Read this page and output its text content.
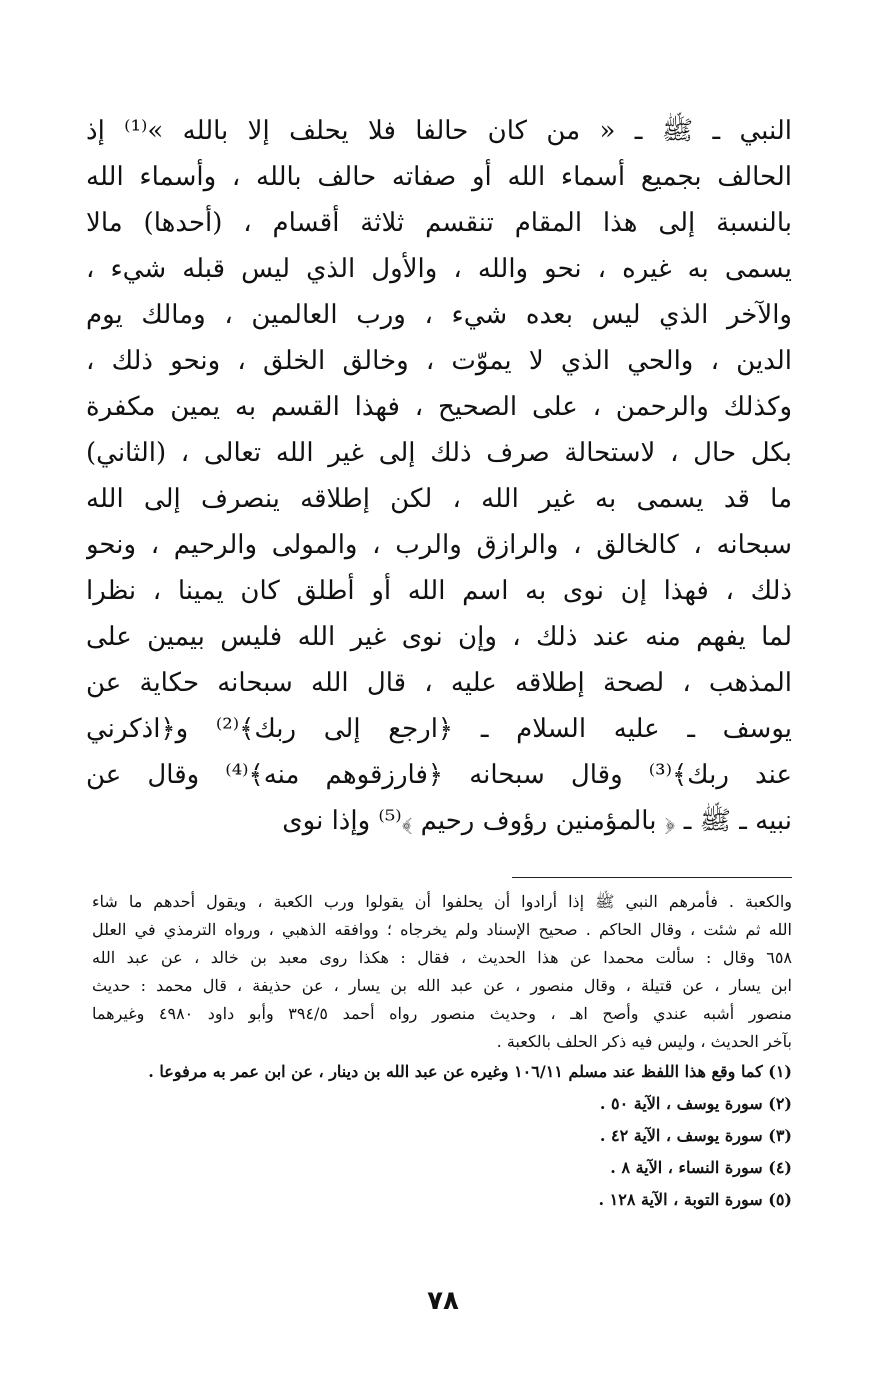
النبي ـ ﷺ ـ « من كان حالفا فلا يحلف إلا بالله »⁽¹⁾ إذ
الحالف بجميع أسماء الله أو صفاته حالف بالله ، وأسماء الله
بالنسبة إلى هذا المقام تنقسم ثلاثة أقسام ، (أحدها) مالا
يسمى به غيره ، نحو والله ، والأول الذي ليس قبله شيء ،
والآخر الذي ليس بعده شيء ، ورب العالمين ، ومالك يوم
الدين ، والحي الذي لا يموّت ، وخالق الخلق ، ونحو ذلك ،
وكذلك والرحمن ، على الصحيح ، فهذا القسم به يمين مكفرة
بكل حال ، لاستحالة صرف ذلك إلى غير الله تعالى ، (الثاني)
ما قد يسمى به غير الله ، لكن إطلاقه ينصرف إلى الله
سبحانه ، كالخالق ، والرازق والرب ، والمولى والرحيم ، ونحو
ذلك ، فهذا إن نوى به اسم الله أو أطلق كان يمينا ، نظرا
لما يفهم منه عند ذلك ، وإن نوى غير الله فليس بيمين على
المذهب ، لصحة إطلاقه عليه ، قال الله سبحانه حكاية عن
يوسف ـ عليه السلام ـ ﴿ارجع إلى ربك﴾⁽²⁾ و﴿اذكرني
عند ربك﴾⁽³⁾ وقال سبحانه ﴿فارزقوهم منه﴾⁽⁴⁾ وقال عن
نبيه ـ ﷺ ـ ﴿ بالمؤمنين رؤوف رحيم ﴾⁽⁵⁾ وإذا نوى
والكعبة . فأمرهم النبي ﷺ إذا أرادوا أن يحلفوا أن يقولوا ورب الكعبة ، ويقول أحدهم ما شاء
الله ثم شئت ، وقال الحاكم . صحيح الإسناد ولم يخرجاه ؛ ووافقه الذهبي ، ورواه الترمذي في العلل
٦٥٨ وقال : سألت محمدا عن هذا الحديث ، فقال : هكذا روى معبد بن خالد ، عن عبد الله
ابن يسار ، عن قتيلة ، وقال منصور ، عن عبد الله بن يسار ، عن حذيفة ، قال محمد : حديث
منصور أشبه عندي وأصح اهـ ، وحديث منصور رواه أحمد ٣٩٤/٥ وأبو داود ٤٩٨٠ وغيرهما
بآخر الحديث ، وليس فيه ذكر الحلف بالكعبة .
(١) كما وقع هذا اللفظ عند مسلم ١٠٦/١١ وغيره عن عبد الله بن دينار ، عن ابن عمر به مرفوعا .
(٢) سورة يوسف ، الآية ٥٠ .
(٣) سورة يوسف ، الآية ٤٢ .
(٤) سورة النساء ، الآية ٨ .
(٥) سورة التوبة ، الآية ١٢٨ .
٧٨
